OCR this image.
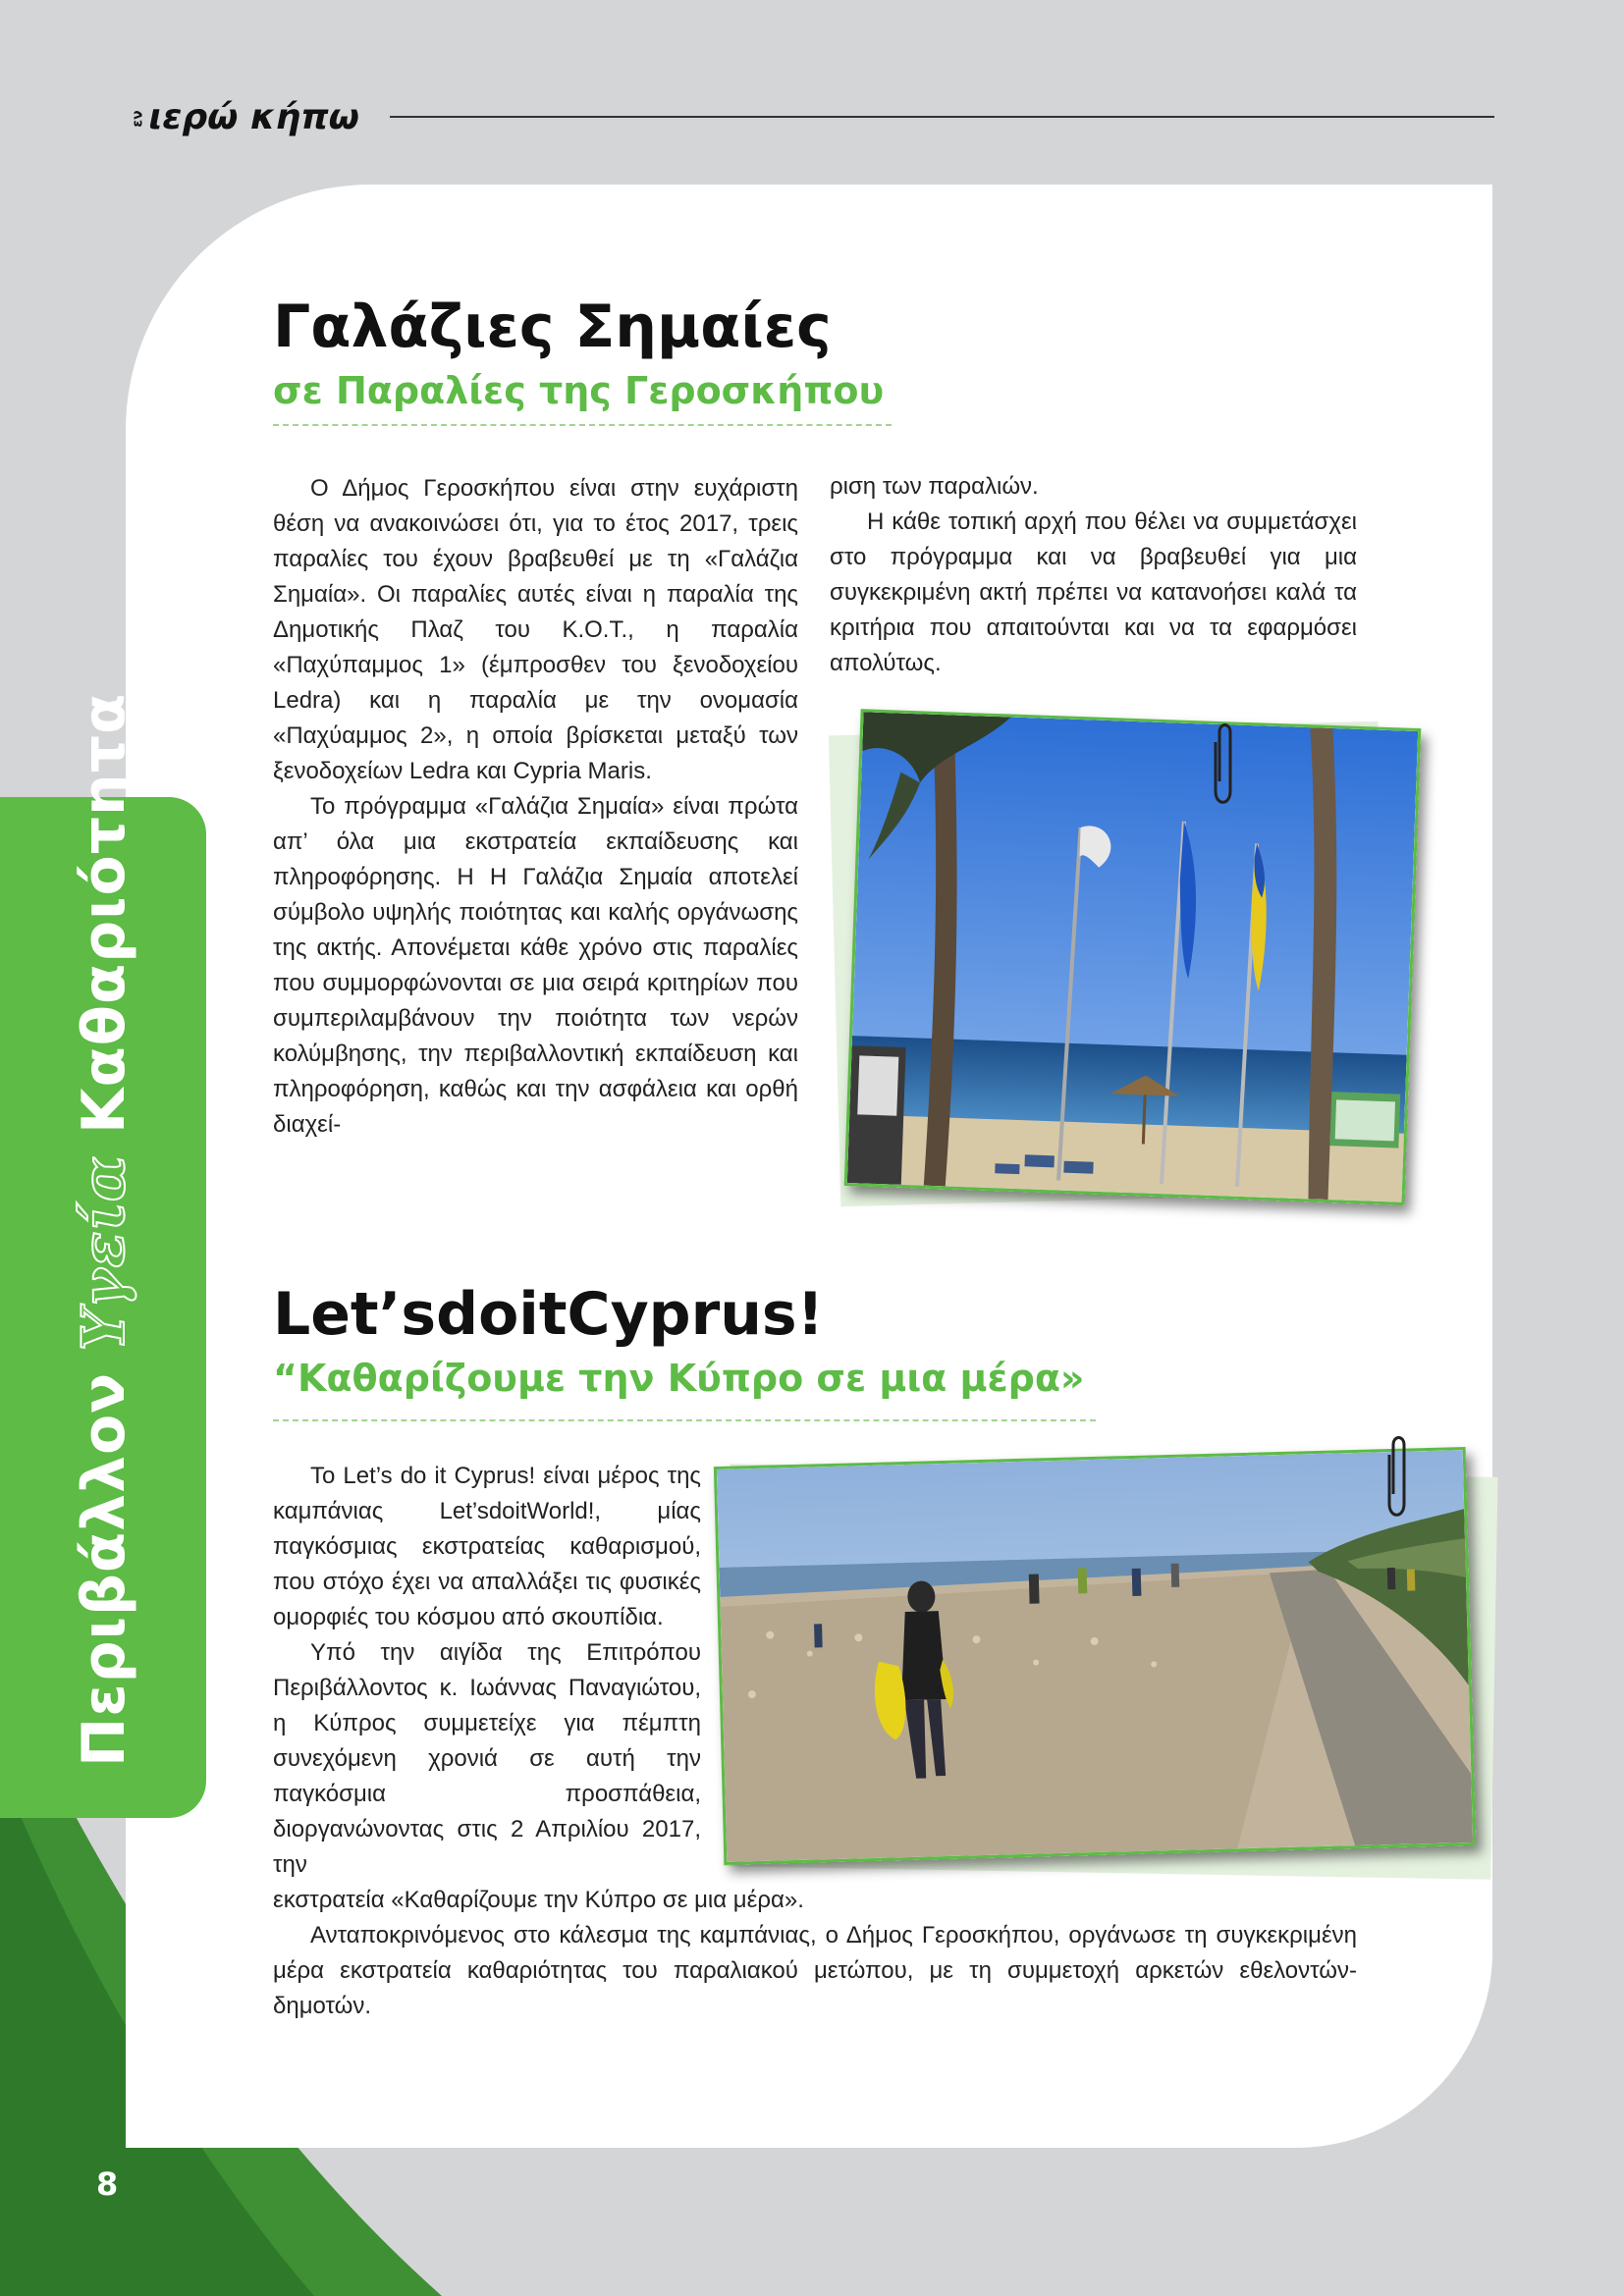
ενιερώ κήπω
Περιβάλλον Υγεία Καθαριότητα
Γαλάζιες Σημαίες
σε Παραλίες της Γεροσκήπου

Ο Δήμος Γεροσκήπου είναι στην ευχάριστη θέση να ανακοινώσει ότι, για το έτος 2017, τρεις παραλίες του έχουν βραβευθεί με τη «Γαλάζια Σημαία». Οι παραλίες αυτές είναι η παραλία της Δημοτικής Πλαζ του Κ.Ο.Τ., η παραλία «Παχύπαμμος 1» (έμπροσθεν του ξενοδοχείου Ledra) και η παραλία με την ονομασία «Παχύαμμος 2», η οποία βρίσκεται μεταξύ των ξενοδοχείων Ledra και Cypria Maris.

Το πρόγραμμα «Γαλάζια Σημαία» είναι πρώτα απ’ όλα μια εκστρατεία εκπαίδευσης και πληροφόρησης. Η Η Γαλάζια Σημαία αποτελεί σύμβολο υψηλής ποιότητας και καλής οργάνωσης της ακτής. Απονέμεται κάθε χρόνο στις παραλίες που συμμορφώνονται σε μια σειρά κριτηρίων που συμπεριλαμβάνουν την ποιότητα των νερών κολύμβησης, την περιβαλλοντική εκπαίδευση και πληροφόρηση, καθώς και την ασφάλεια και ορθή διαχεί-

ριση των παραλιών.

Η κάθε τοπική αρχή που θέλει να συμμετάσχει στο πρόγραμμα και να βραβευθεί για μια συγκεκριμένη ακτή πρέπει να κατανοήσει καλά τα κριτήρια που απαιτούνται και να τα εφαρμόσει απολύτως.

Let’sdoitCyprus!
“Καθαρίζουμε την Κύπρο σε μια μέρα»

Το Let’s do it Cyprus! είναι μέρος της καμπάνιας Let’sdoitWorld!, μίας παγκόσμιας εκστρατείας καθαρισμού, που στόχο έχει να απαλλάξει τις φυσικές ομορφιές του κόσμου από σκουπίδια.

Υπό την αιγίδα της Επιτρόπου Περιβάλλοντος κ. Ιωάννας Παναγιώτου, η Κύπρος συμμετείχε για πέμπτη συνεχόμενη χρονιά σε αυτή την παγκόσμια προσπάθεια, διοργανώνοντας στις 2 Απριλίου 2017, την

εκστρατεία «Καθαρίζουμε την Κύπρο σε μια μέρα».

Ανταποκρινόμενος στο κάλεσμα της καμπάνιας, ο Δήμος Γεροσκήπου, οργάνωσε τη συγκεκριμένη μέρα εκστρατεία καθαριότητας του παραλιακού μετώπου, με τη συμμετοχή αρκετών εθελοντών-δημοτών.

8
